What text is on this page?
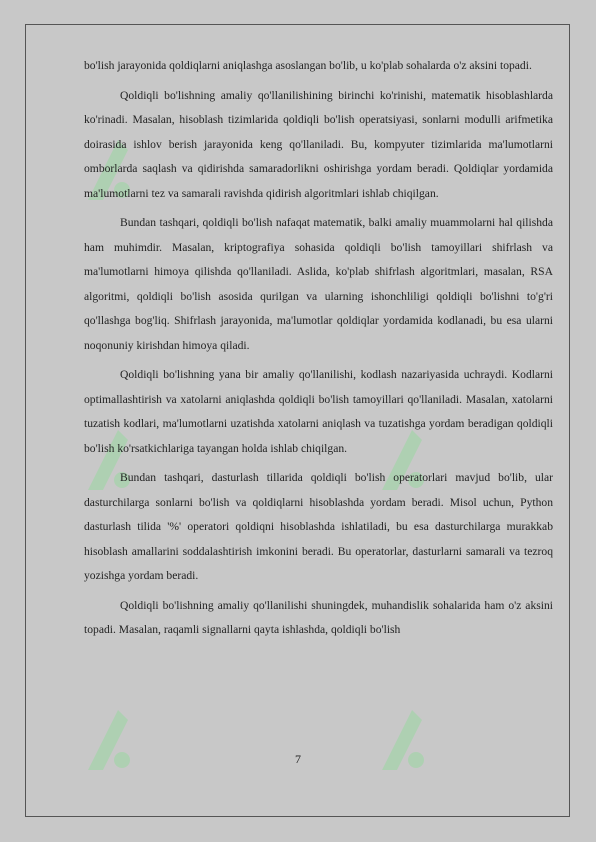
bo'lish jarayonida qoldiqlarni aniqlashga asoslangan bo'lib, u ko'plab sohalarda o'z aksini topadi.

Qoldiqli bo'lishning amaliy qo'llanilishining birinchi ko'rinishi, matematik hisoblashlarda ko'rinadi. Masalan, hisoblash tizimlarida qoldiqli bo'lish operatsiyasi, sonlarni modulli arifmetika doirasida ishlov berish jarayonida keng qo'llaniladi. Bu, kompyuter tizimlarida ma'lumotlarni omborlarda saqlash va qidirishda samaradorlikni oshirishga yordam beradi. Qoldiqlar yordamida ma'lumotlarni tez va samarali ravishda qidirish algoritmlari ishlab chiqilgan.

Bundan tashqari, qoldiqli bo'lish nafaqat matematik, balki amaliy muammolarni hal qilishda ham muhimdir. Masalan, kriptografiya sohasida qoldiqli bo'lish tamoyillari shifrlash va ma'lumotlarni himoya qilishda qo'llaniladi. Aslida, ko'plab shifrlash algoritmlari, masalan, RSA algoritmi, qoldiqli bo'lish asosida qurilgan va ularning ishonchliligi qoldiqli bo'lishni to'g'ri qo'llashga bog'liq. Shifrlash jarayonida, ma'lumotlar qoldiqlar yordamida kodlanadi, bu esa ularni noqonuniy kirishdan himoya qiladi.

Qoldiqli bo'lishning yana bir amaliy qo'llanilishi, kodlash nazariyasida uchraydi. Kodlarni optimallashtirish va xatolarni aniqlashda qoldiqli bo'lish tamoyillari qo'llaniladi. Masalan, xatolarni tuzatish kodlari, ma'lumotlarni uzatishda xatolarni aniqlash va tuzatishga yordam beradigan qoldiqli bo'lish ko'rsatkichlariga tayangan holda ishlab chiqilgan.

Bundan tashqari, dasturlash tillarida qoldiqli bo'lish operatorlari mavjud bo'lib, ular dasturchilarga sonlarni bo'lish va qoldiqlarni hisoblashda yordam beradi. Misol uchun, Python dasturlash tilida '%' operatori qoldiqni hisoblashda ishlatiladi, bu esa dasturchilarga murakkab hisoblash amallarini soddalashtirish imkonini beradi. Bu operatorlar, dasturlarni samarali va tezroq yozishga yordam beradi.

Qoldiqli bo'lishning amaliy qo'llanilishi shuningdek, muhandislik sohalarida ham o'z aksini topadi. Masalan, raqamli signallarni qayta ishlashda, qoldiqli bo'lish

7
